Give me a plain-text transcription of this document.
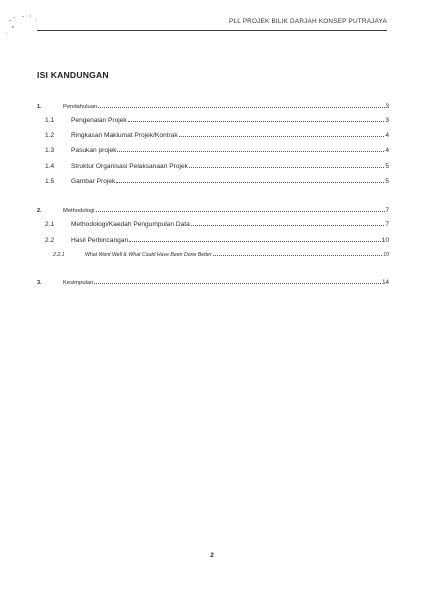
PLL PROJEK BILIK DARJAH KONSEP PUTRAJAYA
ISI KANDUNGAN
1.	Pendahuluan	3
1.1	Pengenalan Projek	3
1.2	Ringkasan Maklumat Projek/Kontrak	4
1.3	Pasukan projek	4
1.4	Struktur Organisasi Pelaksanaan Projek	5
1.5	Gambar Projek	5
2.	Methodologi	7
2.1	Methodologi/Kaedah Pengumpulan Data	7
2.2	Hasil Perbincangan	10
2.2.1	What Went Well & What Could Have Been Done Better	10
3.	Kesimpulan	14
2
